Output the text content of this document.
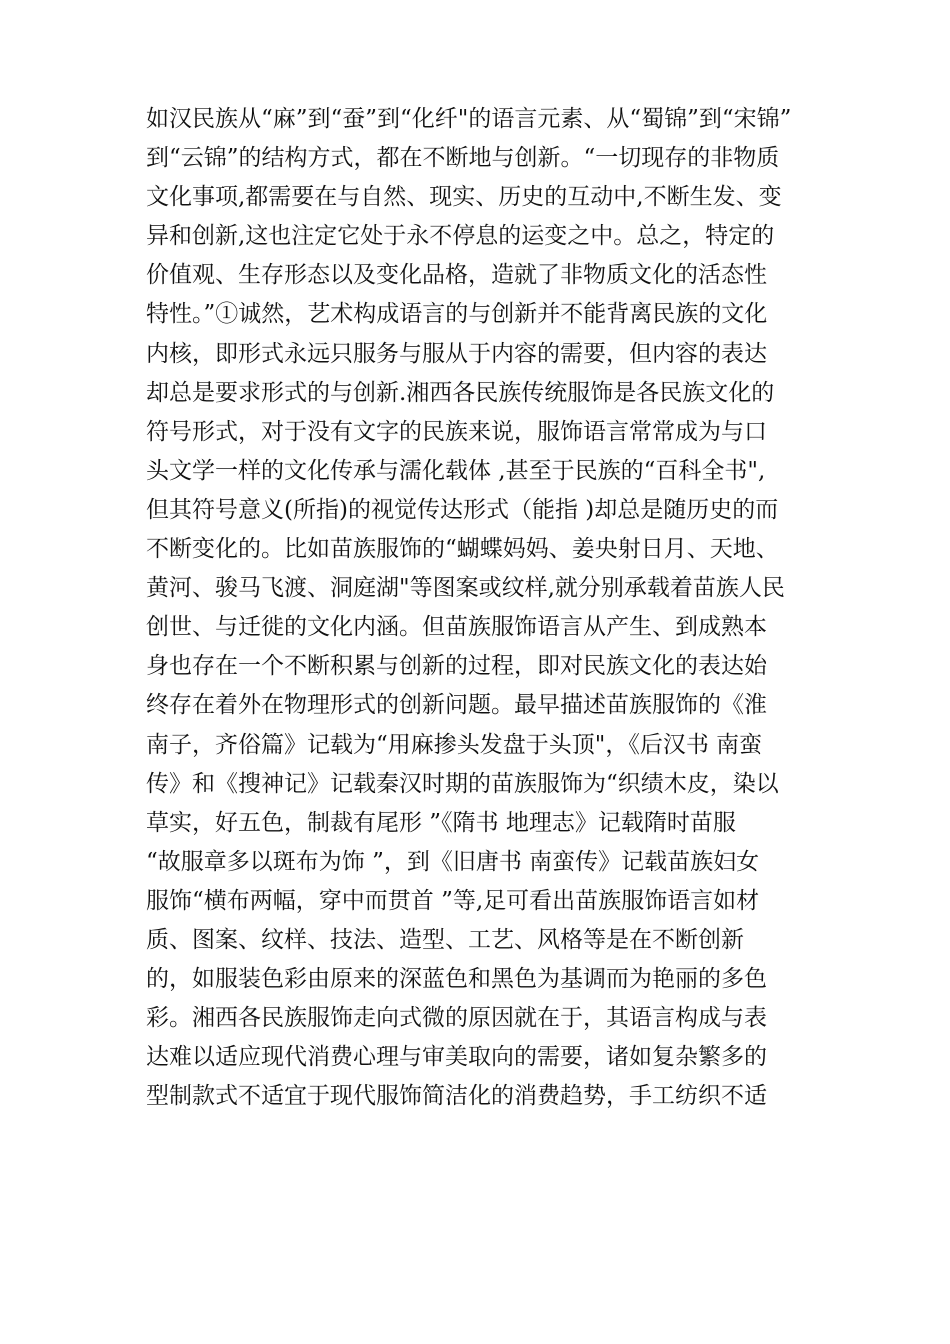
如汉民族从“麻”到“蚕”到“化纤"的语言元素、从“蜀锦”到“宋锦”
到“云锦”的结构方式，都在不断地与创新。“一切现存的非物质
文化事项,都需要在与自然、现实、历史的互动中,不断生发、变
异和创新,这也注定它处于永不停息的运变之中。总之，特定的
价值观、生存形态以及变化品格，造就了非物质文化的活态性
特性。”①诚然，艺术构成语言的与创新并不能背离民族的文化
内核，即形式永远只服务与服从于内容的需要，但内容的表达
却总是要求形式的与创新.湘西各民族传统服饰是各民族文化的
符号形式，对于没有文字的民族来说，服饰语言常常成为与口
头文学一样的文化传承与濡化载体 ,甚至于民族的“百科全书",
但其符号意义(所指)的视觉传达形式（能指 )却总是随历史的而
不断变化的。比如苗族服饰的“蝴蝶妈妈、姜央射日月、天地、
黄河、骏马飞渡、洞庭湖"等图案或纹样,就分别承载着苗族人民
创世、与迁徙的文化内涵。但苗族服饰语言从产生、到成熟本
身也存在一个不断积累与创新的过程，即对民族文化的表达始
终存在着外在物理形式的创新问题。最早描述苗族服饰的《淮
南子，齐俗篇》记载为“用麻掺头发盘于头顶"，《后汉书 南蛮
传》和《搜神记》记载秦汉时期的苗族服饰为“织绩木皮，染以
草实，好五色，制裁有尾形 ”《隋书 地理志》记载隋时苗服
“故服章多以斑布为饰 ”，到《旧唐书 南蛮传》记载苗族妇女
服饰“横布两幅，穿中而贯首 ”等,足可看出苗族服饰语言如材
质、图案、纹样、技法、造型、工艺、风格等是在不断创新
的，如服装色彩由原来的深蓝色和黑色为基调而为艳丽的多色
彩。湘西各民族服饰走向式微的原因就在于，其语言构成与表
达难以适应现代消费心理与审美取向的需要，诸如复杂繁多的
型制款式不适宜于现代服饰简洁化的消费趋势，手工纺织不适
